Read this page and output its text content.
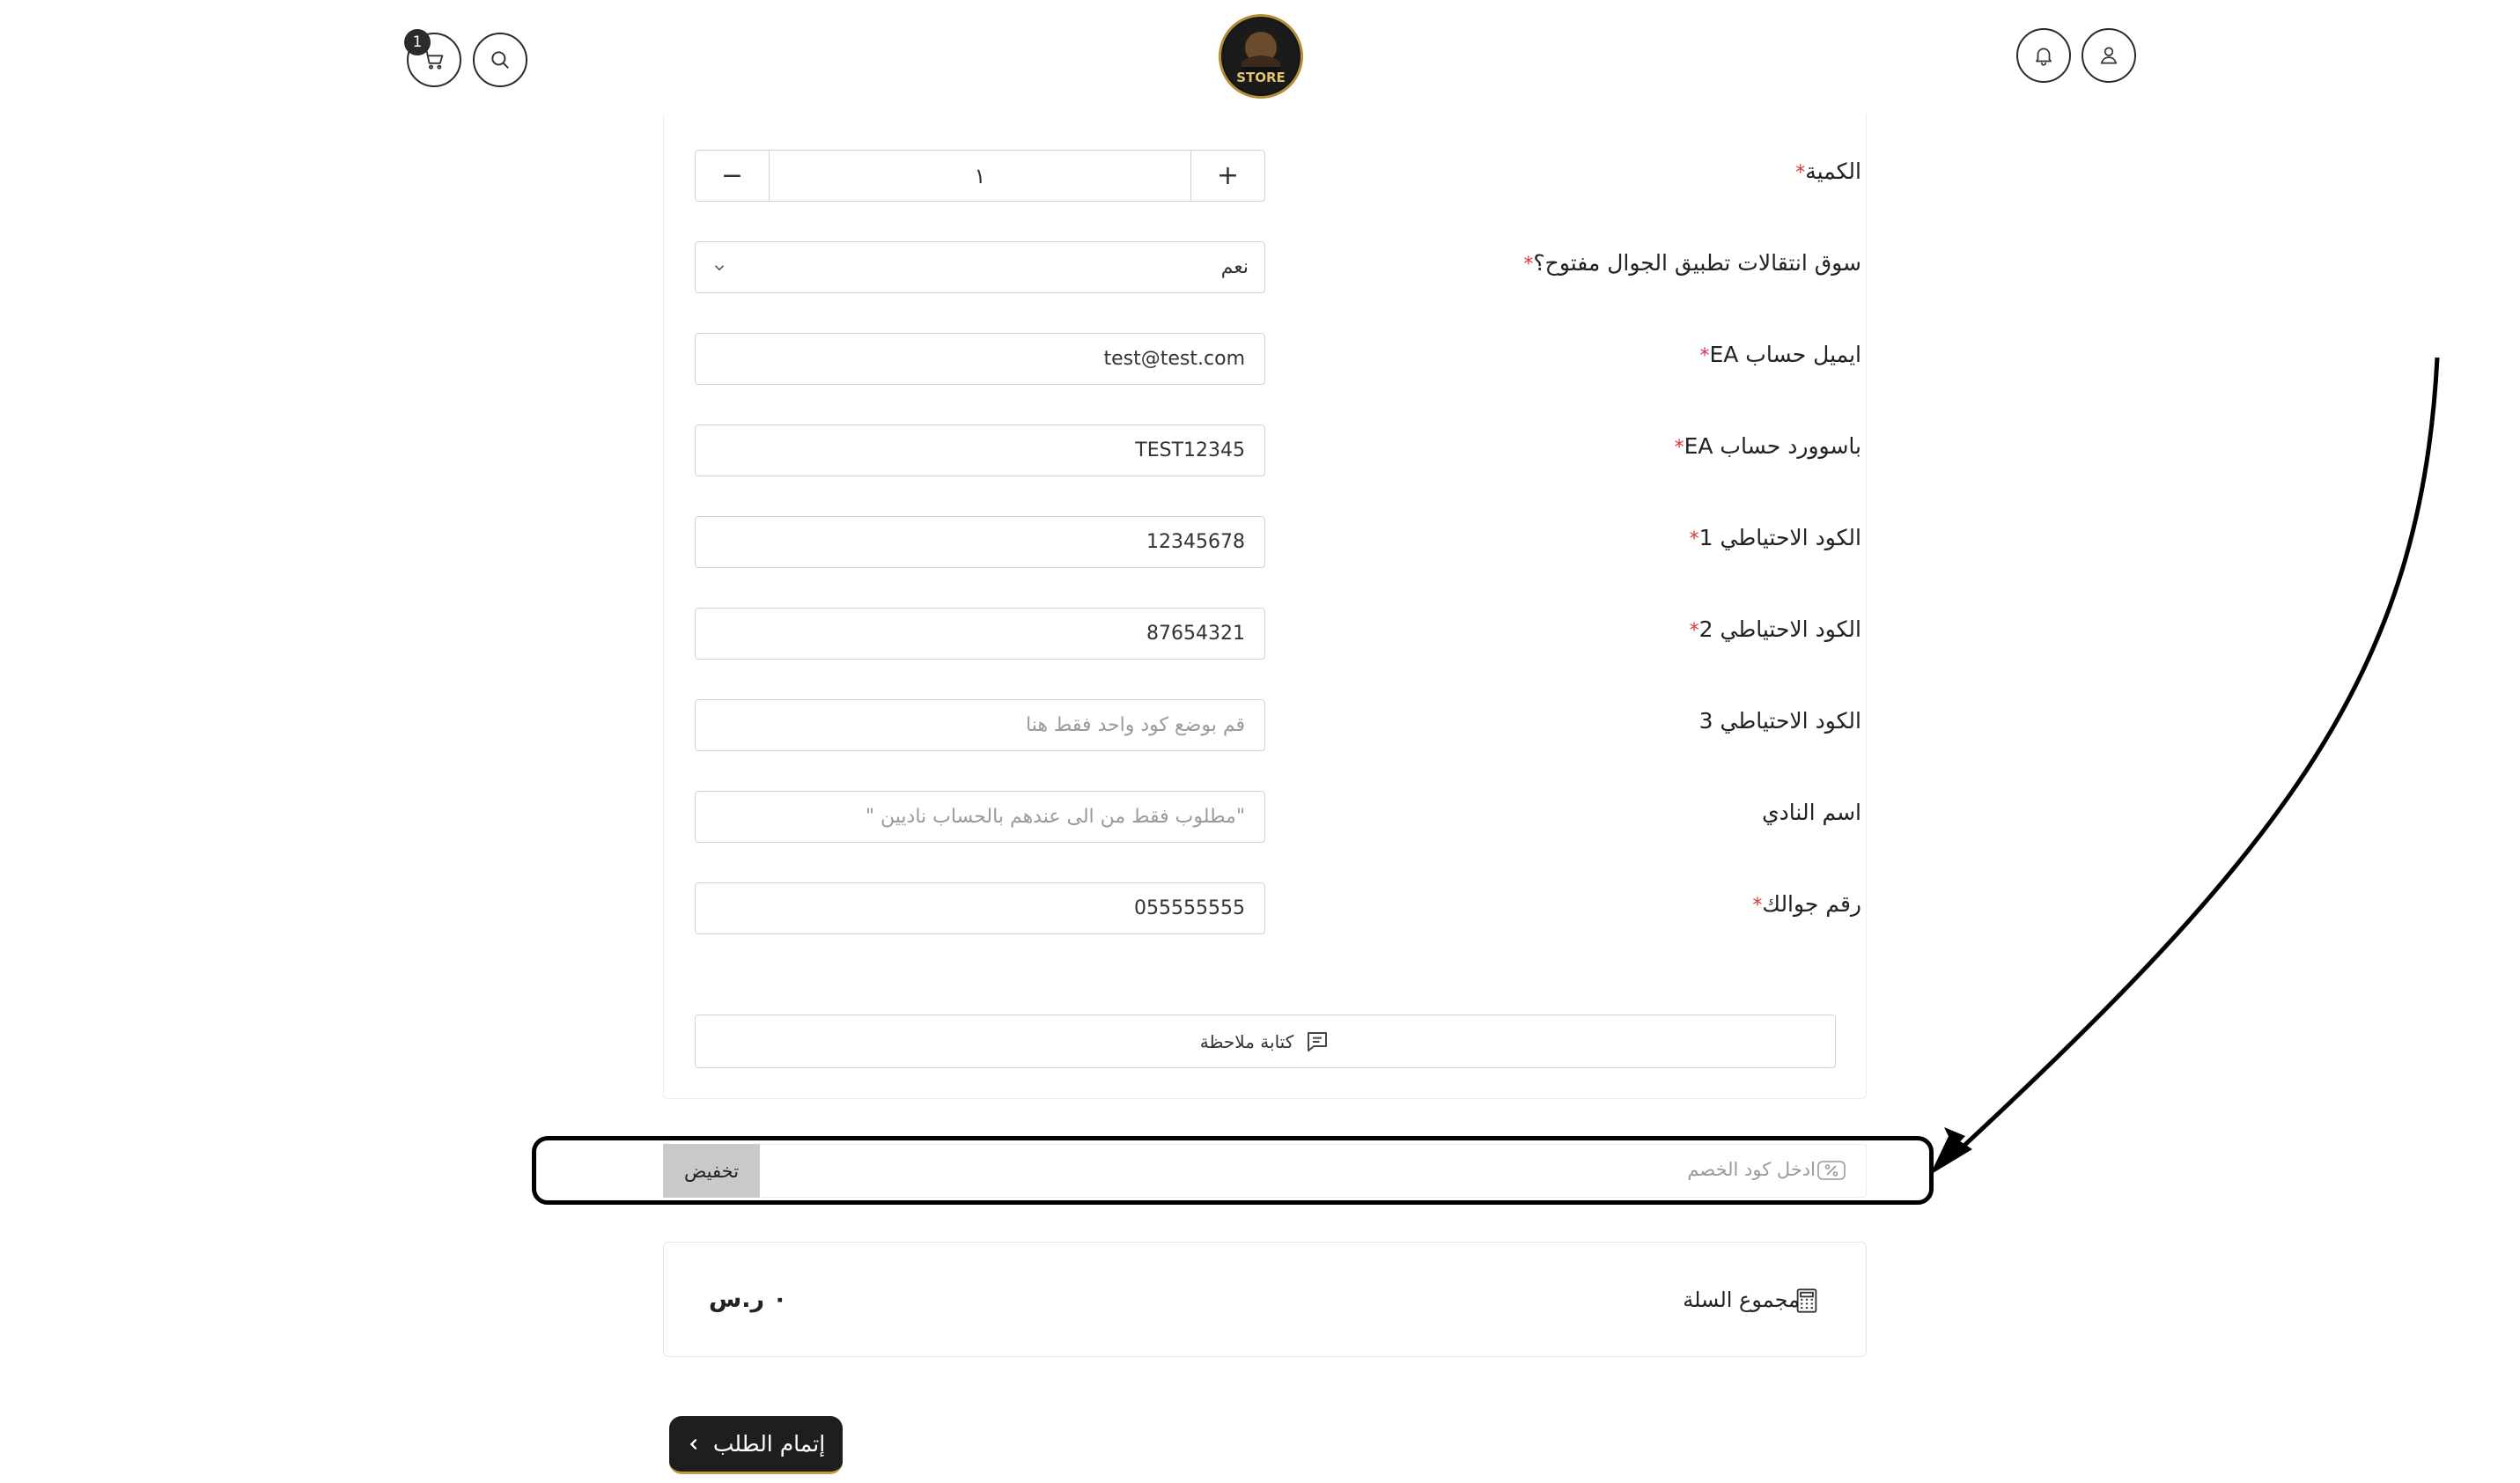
1
STORE
الكمية*
−	١	+
سوق انتقالات تطبيق الجوال مفتوح؟*
نعم
ايميل حساب EA*
test@test.com
باسوورد حساب EA*
TEST12345
الكود الاحتياطي 1*
12345678
الكود الاحتياطي 2*
87654321
الكود الاحتياطي 3
قم بوضع كود واحد فقط هنا
اسم النادي
"مطلوب فقط من الى عندهم بالحساب ناديين "
رقم جوالك*
055555555
كتابة ملاحظة
تخفيض	ادخل كود الخصم
مجموع السلة
٠ ر.س
إتمام الطلب
